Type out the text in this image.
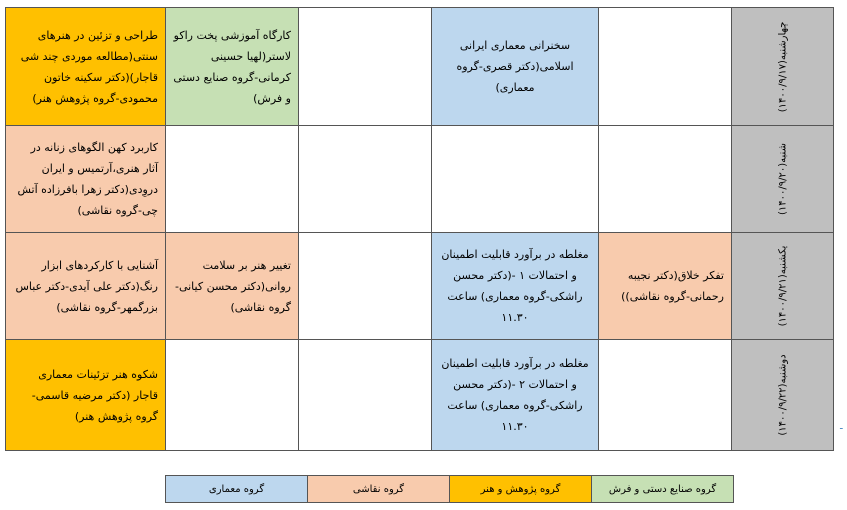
طراحی و تزئین در هنرهای سنتی(مطالعه موردی چند شی قاجار)(دکتر سکینه خاتون محمودی-گروه پژوهش هنر)	کارگاه آموزشی پخت راکو لاستر(لهیا حسینی کرمانی-گروه صنایع دستی و فرش)		سخنرانی معماری ایرانی اسلامی(دکتر قصری-گروه معماری)		چهارشنبه(۱۴۰۰/۹/۱۷)

کاربرد کهن الگوهای زنانه در آثار هنری،آرتمیس و ایران دروِدی(دکتر زهرا بافرزاده آتش چی-گروه نقاشی)					شنبه(۱۴۰۰/۹/۲۰)

آشنایی با کارکردهای ابزار رنگ(دکتر علی آیدی-دکتر عباس بزرگمهر-گروه نقاشی)	تغییر هنر بر سلامت روانی(دکتر محسن کیانی-گروه نقاشی)		مغلطه در برآورد قابلیت اطمینان و احتمالات ۱ -(دکتر محسن راشکی-گروه معماری) ساعت ۱۱.۳۰	تفکر خلاق(دکتر نجیبه رحمانی-گروه نقاشی))	یکشنبه(۱۴۰۰/۹/۲۱)

شکوه هنر تزئینات معماری قاجار (دکتر مرضیه قاسمی-گروه پژوهش هنر)			مغلطه در برآورد قابلیت اطمینان و احتمالات ۲ -(دکتر محسن راشکی-گروه معماری) ساعت ۱۱.۳۰		دوشنبه(۱۴۰۰/۹/۲۲)
گروه معماری	گروه نقاشی	گروه پژوهش و هنر	گروه صنایع دستی و فرش
ـ
